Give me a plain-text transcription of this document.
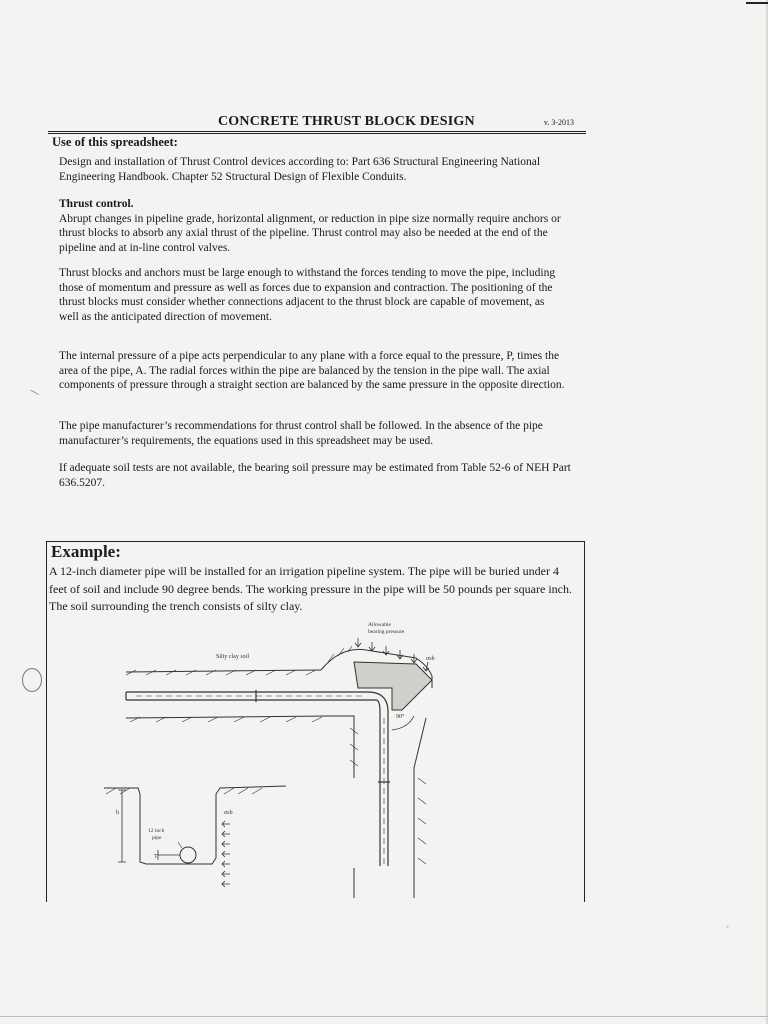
CONCRETE THRUST BLOCK DESIGN	v. 3-2013
Use of this spreadsheet:
Design and installation of Thrust Control devices according to: Part 636 Structural Engineering National Engineering Handbook. Chapter 52 Structural Design of Flexible Conduits.
Thrust control.
Abrupt changes in pipeline grade, horizontal alignment, or reduction in pipe size normally require anchors or thrust blocks to absorb any axial thrust of the pipeline. Thrust control may also be needed at the end of the pipeline and at in-line control valves.
Thrust blocks and anchors must be large enough to withstand the forces tending to move the pipe, including those of momentum and pressure as well as forces due to expansion and contraction. The positioning of the thrust blocks must consider whether connections adjacent to the thrust block are capable of movement, as well as the anticipated direction of movement.
The internal pressure of a pipe acts perpendicular to any plane with a force equal to the pressure, P, times the area of the pipe, A. The radial forces within the pipe are balanced by the tension in the pipe wall. The axial components of pressure through a straight section are balanced by the same pressure in the opposite direction.
The pipe manufacturer’s recommendations for thrust control shall be followed. In the absence of the pipe manufacturer’s requirements, the equations used in this spreadsheet may be used.
If adequate soil tests are not available, the bearing soil pressure may be estimated from Table 52-6 of NEH Part 636.5207.
Example:
A 12-inch diameter pipe will be installed for an irrigation pipeline system. The pipe will be buried under 4 feet of soil and include 90 degree bends. The working pressure in the pipe will be 50 pounds per square inch. The soil surrounding the trench consists of silty clay.
Allowable
bearing pressure
Silty clay soil	σsb
90°
12 inch
pipe
h
T
σsb
◦
